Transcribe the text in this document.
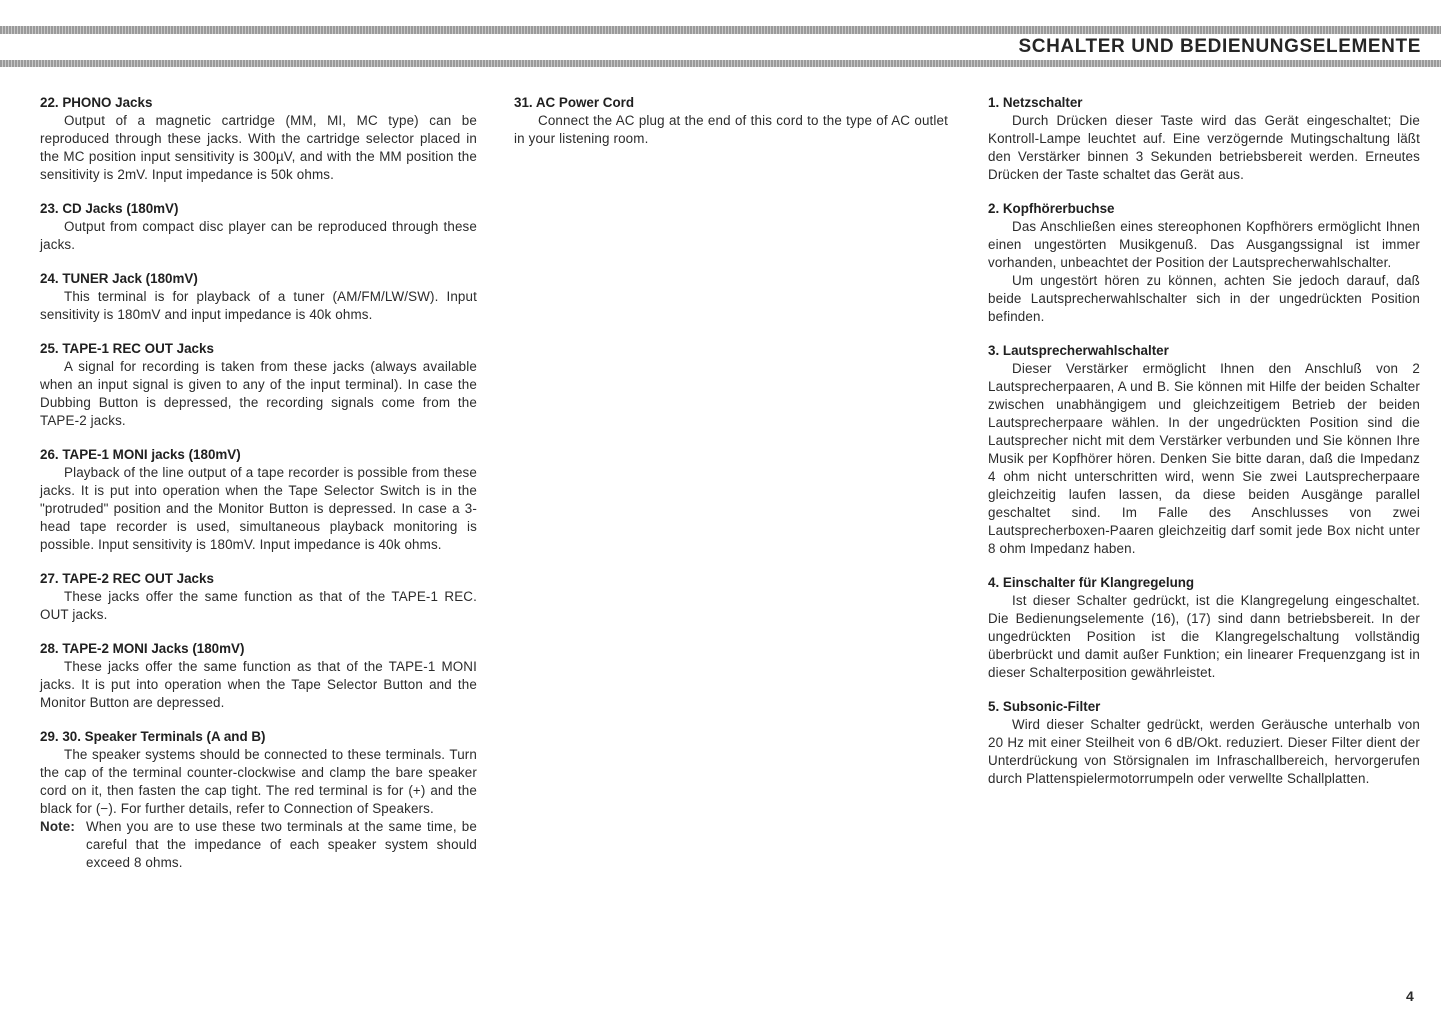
SCHALTER UND BEDIENUNGSELEMENTE
22. PHONO Jacks
Output of a magnetic cartridge (MM, MI, MC type) can be reproduced through these jacks. With the cartridge selector placed in the MC position input sensitivity is 300µV, and with the MM position the sensitivity is 2mV. Input impedance is 50k ohms.
23. CD Jacks (180mV)
Output from compact disc player can be reproduced through these jacks.
24. TUNER Jack (180mV)
This terminal is for playback of a tuner (AM/FM/LW/SW). Input sensitivity is 180mV and input impedance is 40k ohms.
25. TAPE-1 REC OUT Jacks
A signal for recording is taken from these jacks (always available when an input signal is given to any of the input terminal). In case the Dubbing Button is depressed, the recording signals come from the TAPE-2 jacks.
26. TAPE-1 MONI jacks (180mV)
Playback of the line output of a tape recorder is possible from these jacks. It is put into operation when the Tape Selector Switch is in the "protruded" position and the Monitor Button is depressed. In case a 3-head tape recorder is used, simultaneous playback monitoring is possible. Input sensitivity is 180mV. Input impedance is 40k ohms.
27. TAPE-2 REC OUT Jacks
These jacks offer the same function as that of the TAPE-1 REC. OUT jacks.
28. TAPE-2 MONI Jacks (180mV)
These jacks offer the same function as that of the TAPE-1 MONI jacks. It is put into operation when the Tape Selector Button and the Monitor Button are depressed.
29. 30. Speaker Terminals (A and B)
The speaker systems should be connected to these terminals. Turn the cap of the terminal counter-clockwise and clamp the bare speaker cord on it, then fasten the cap tight. The red terminal is for (+) and the black for (−). For further details, refer to Connection of Speakers.
Note: When you are to use these two terminals at the same time, be careful that the impedance of each speaker system should exceed 8 ohms.
31. AC Power Cord
Connect the AC plug at the end of this cord to the type of AC outlet in your listening room.
1. Netzschalter
Durch Drücken dieser Taste wird das Gerät eingeschaltet; Die Kontroll-Lampe leuchtet auf. Eine verzögernde Mutingschaltung läßt den Verstärker binnen 3 Sekunden betriebsbereit werden. Erneutes Drücken der Taste schaltet das Gerät aus.
2. Kopfhörerbuchse
Das Anschließen eines stereophonen Kopfhörers ermöglicht Ihnen einen ungestörten Musikgenuß. Das Ausgangssignal ist immer vorhanden, unbeachtet der Position der Lautsprecherwahlschalter.
Um ungestört hören zu können, achten Sie jedoch darauf, daß beide Lautsprecherwahlschalter sich in der ungedrückten Position befinden.
3. Lautsprecherwahlschalter
Dieser Verstärker ermöglicht Ihnen den Anschluß von 2 Lautsprecherpaaren, A und B. Sie können mit Hilfe der beiden Schalter zwischen unabhängigem und gleichzeitigem Betrieb der beiden Lautsprecherpaare wählen. In der ungedrückten Position sind die Lautsprecher nicht mit dem Verstärker verbunden und Sie können Ihre Musik per Kopfhörer hören. Denken Sie bitte daran, daß die Impedanz 4 ohm nicht unterschritten wird, wenn Sie zwei Lautsprecherpaare gleichzeitig laufen lassen, da diese beiden Ausgänge parallel geschaltet sind. Im Falle des Anschlusses von zwei Lautsprecherboxen-Paaren gleichzeitig darf somit jede Box nicht unter 8 ohm Impedanz haben.
4. Einschalter für Klangregelung
Ist dieser Schalter gedrückt, ist die Klangregelung eingeschaltet. Die Bedienungselemente (16), (17) sind dann betriebsbereit. In der ungedrückten Position ist die Klangregelschaltung vollständig überbrückt und damit außer Funktion; ein linearer Frequenzgang ist in dieser Schalterposition gewährleistet.
5. Subsonic-Filter
Wird dieser Schalter gedrückt, werden Geräusche unterhalb von 20 Hz mit einer Steilheit von 6 dB/Okt. reduziert. Dieser Filter dient der Unterdrückung von Störsignalen im Infraschallbereich, hervorgerufen durch Plattenspielermotorrumpeln oder verwellte Schallplatten.
4
